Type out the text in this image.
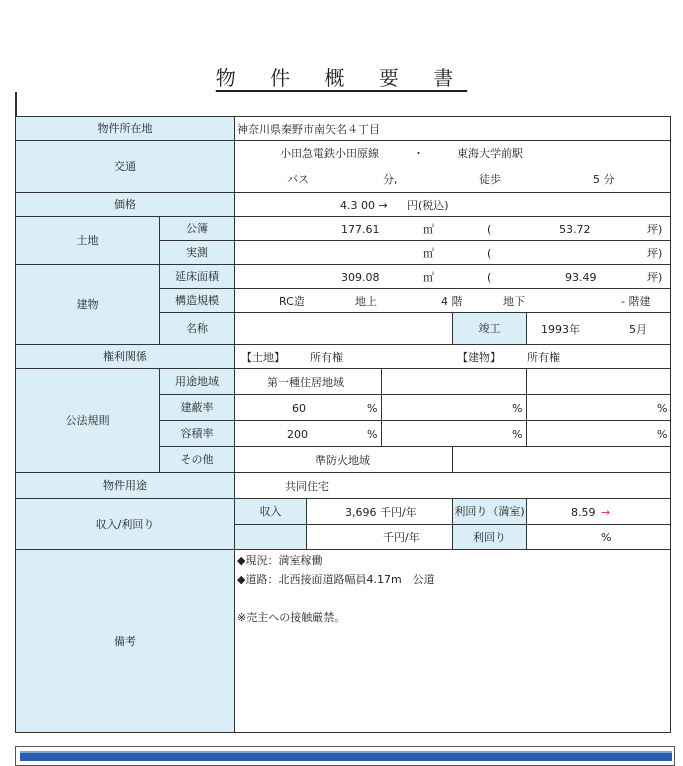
物 件 概 要 書
物件所在地	神奈川県秦野市南矢名４丁目
交通
小田急電鉄小田原線	・	東海大学前駅
バス	分,	徒歩	5 分
価格	4.3 00 → 円(税込)
土地
公簿	177.61	㎡	(	53.72	坪)
実測	㎡	(	坪)
建物
延床面積	309.08	㎡	(	93.49	坪)
構造規模	RC造	地上	4 階	地下	- 階建
名称	竣工	1993年	5月
権利関係	【土地】 所有権	【建物】 所有権
公法規則
用途地域	第一種住居地域
建蔽率	60	%	%	%
容積率	200	%	%	%
その他	準防火地域
物件用途	共同住宅
収入/利回り
収入	3,696 千円/年	利回り（満室)	8.59 →
千円/年	利回り	%
備考
◆現況：満室稼働
◆道路：北西接面道路幅員4.17m　公道
※売主への接触厳禁。
